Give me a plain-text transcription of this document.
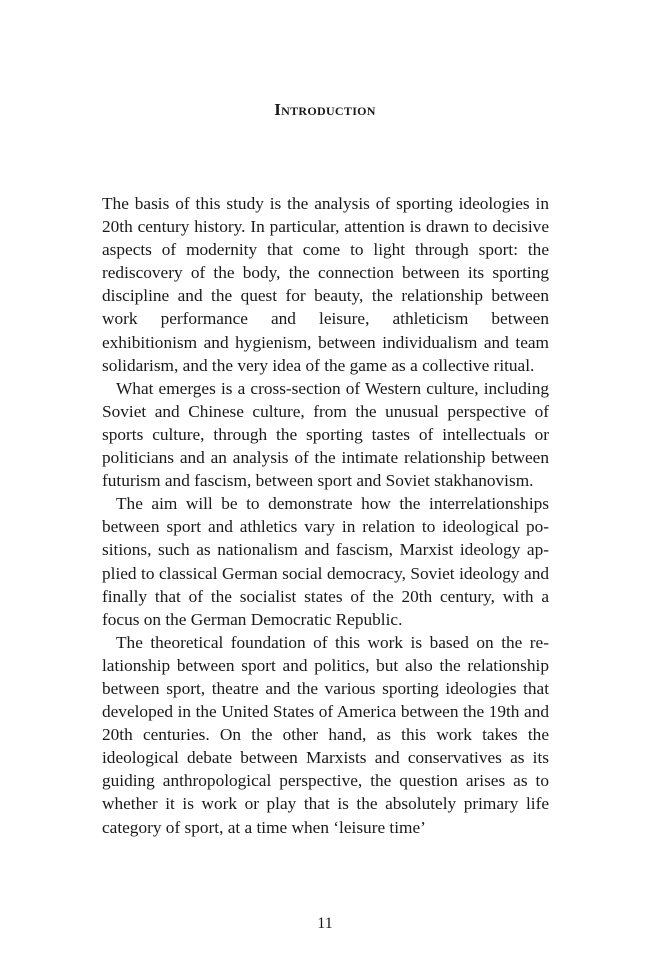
Introduction

The basis of this study is the analysis of sporting ideologies in 20th century history. In particular, attention is drawn to decisive aspects of modernity that come to light through sport: the rediscovery of the body, the connection between its sporting discipline and the quest for beauty, the relationship between work performance and leisure, athleticism between exhibitionism and hygienism, between individualism and team solidarism, and the very idea of the game as a collective ritual.

What emerges is a cross-section of Western culture, including Soviet and Chinese culture, from the unusual perspective of sports culture, through the sporting tastes of intellectuals or politicians and an analysis of the intimate relationship between futurism and fascism, between sport and Soviet stakhanovism.

The aim will be to demonstrate how the interrelationships between sport and athletics vary in relation to ideological positions, such as nationalism and fascism, Marxist ideology applied to classical German social democracy, Soviet ideology and finally that of the socialist states of the 20th century, with a focus on the German Democratic Republic.

The theoretical foundation of this work is based on the relationship between sport and politics, but also the relationship between sport, theatre and the various sporting ideologies that developed in the United States of America between the 19th and 20th centuries. On the other hand, as this work takes the ideological debate between Marxists and conservatives as its guiding anthropological perspective, the question arises as to whether it is work or play that is the absolutely primary life category of sport, at a time when ‘leisure time’

11
